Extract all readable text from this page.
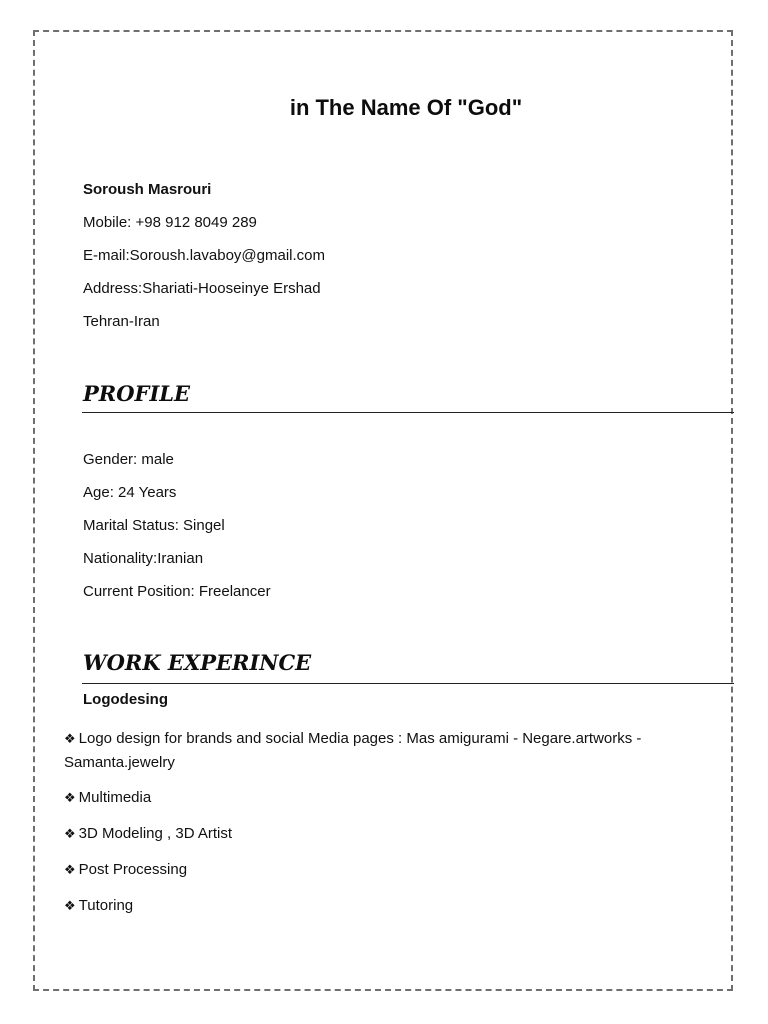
in The Name Of "God"
Soroush Masrouri
Mobile: +98 912 8049 289
E-mail:Soroush.lavaboy@gmail.com
Address:Shariati-Hooseinye Ershad
Tehran-Iran
PROFILE
Gender: male
Age: 24 Years
Marital Status: Singel
Nationality:Iranian
Current Position: Freelancer
WORK EXPERINCE
Logodesing
❖ Logo design for brands and social Media pages : Mas amigurami - Negare.artworks -
Samanta.jewelry
❖ Multimedia
❖ 3D Modeling , 3D Artist
❖ Post Processing
❖ Tutoring
